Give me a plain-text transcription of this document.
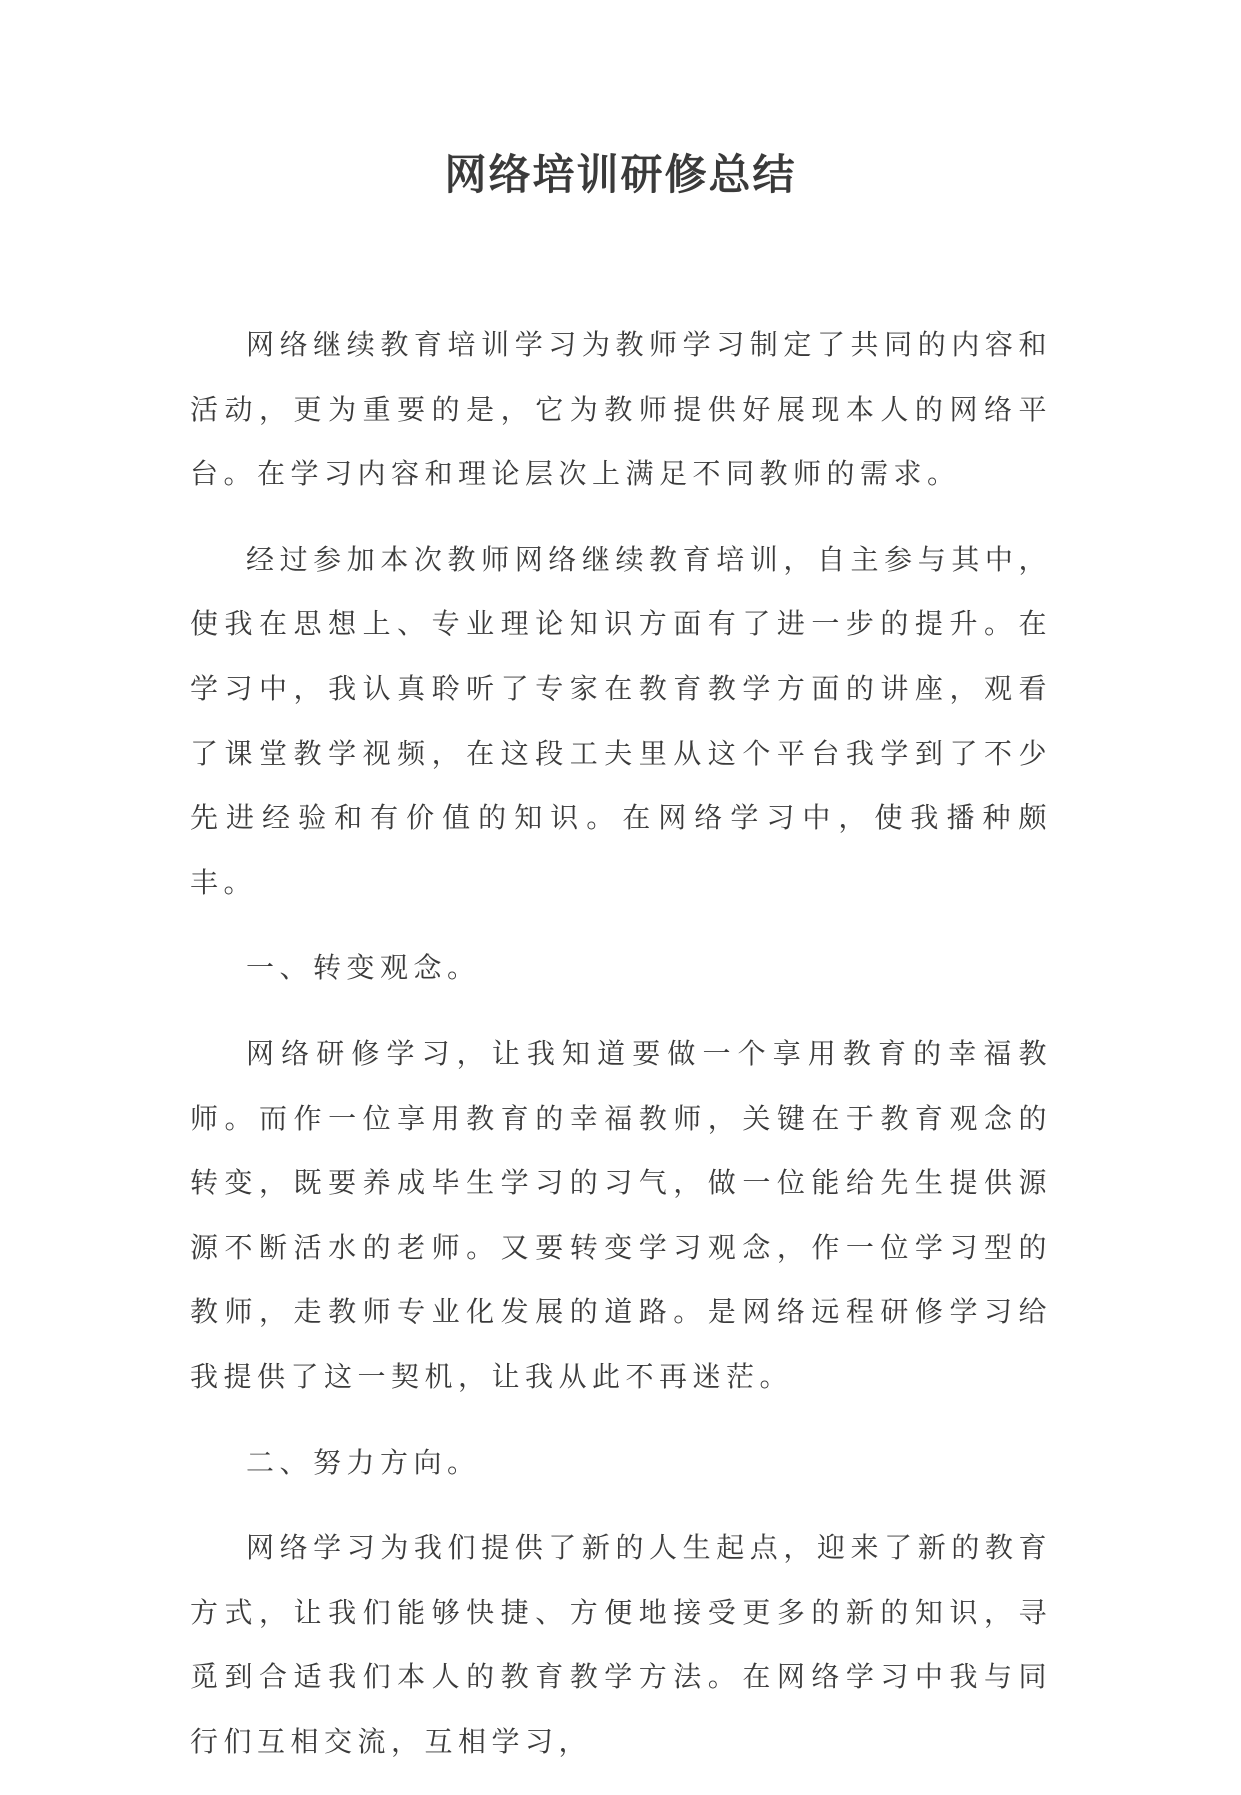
网络培训研修总结

网络继续教育培训学习为教师学习制定了共同的内容和活动，更为重要的是，它为教师提供好展现本人的网络平台。在学习内容和理论层次上满足不同教师的需求。

经过参加本次教师网络继续教育培训，自主参与其中，使我在思想上、专业理论知识方面有了进一步的提升。在学习中，我认真聆听了专家在教育教学方面的讲座，观看了课堂教学视频，在这段工夫里从这个平台我学到了不少先进经验和有价值的知识。在网络学习中，使我播种颇丰。

一、转变观念。

网络研修学习，让我知道要做一个享用教育的幸福教师。而作一位享用教育的幸福教师，关键在于教育观念的转变，既要养成毕生学习的习气，做一位能给先生提供源源不断活水的老师。又要转变学习观念，作一位学习型的教师，走教师专业化发展的道路。是网络远程研修学习给我提供了这一契机，让我从此不再迷茫。

二、努力方向。

网络学习为我们提供了新的人生起点，迎来了新的教育方式，让我们能够快捷、方便地接受更多的新的知识，寻觅到合适我们本人的教育教学方法。在网络学习中我与同行们互相交流，互相学习，
